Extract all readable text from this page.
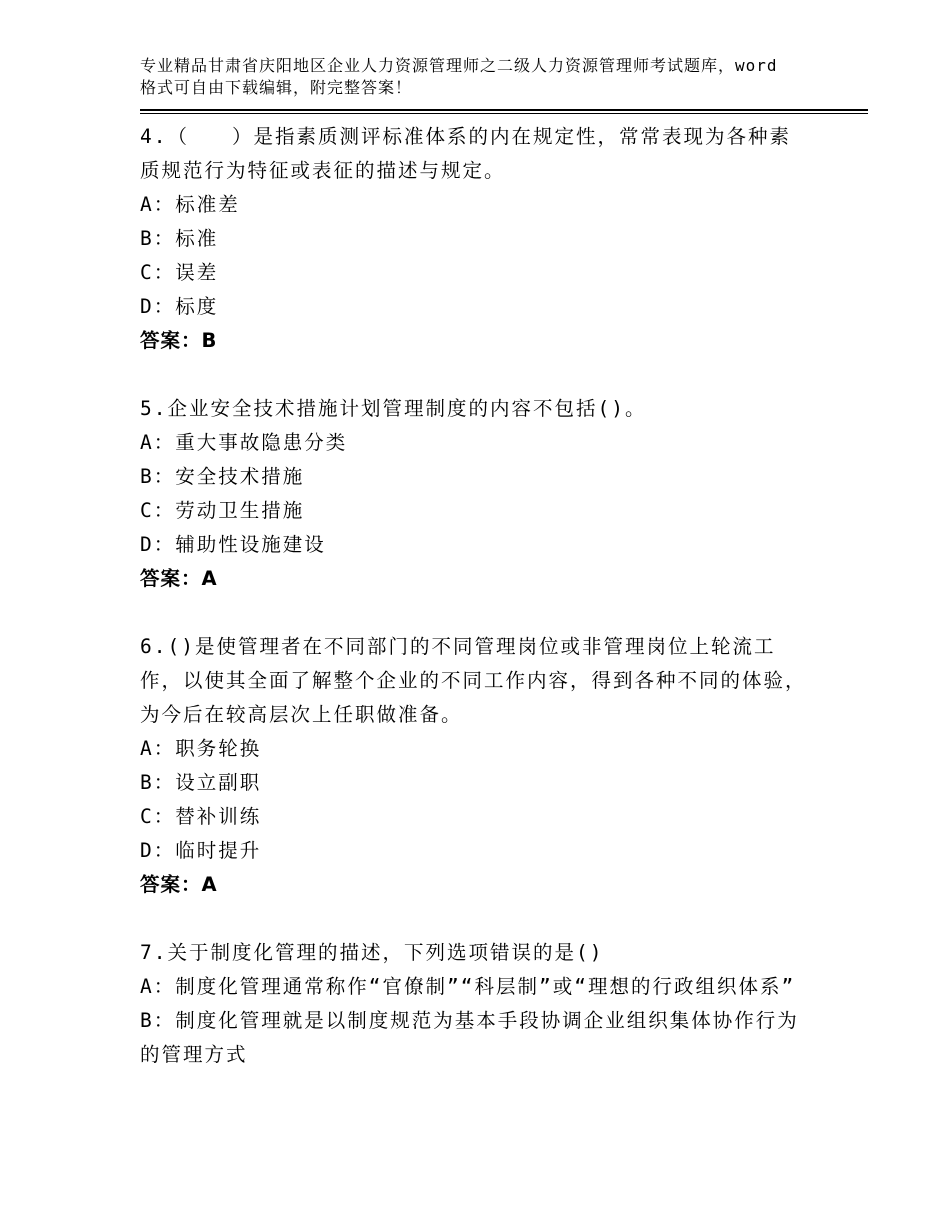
专业精品甘肃省庆阳地区企业人力资源管理师之二级人力资源管理师考试题库，word格式可自由下载编辑，附完整答案！
4.（　　）是指素质测评标准体系的内在规定性，常常表现为各种素质规范行为特征或表征的描述与规定。
A：标准差
B：标准
C：误差
D：标度
答案：B
5.企业安全技术措施计划管理制度的内容不包括()。
A：重大事故隐患分类
B：安全技术措施
C：劳动卫生措施
D：辅助性设施建设
答案：A
6.()是使管理者在不同部门的不同管理岗位或非管理岗位上轮流工作，以使其全面了解整个企业的不同工作内容，得到各种不同的体验，为今后在较高层次上任职做准备。
A：职务轮换
B：设立副职
C：替补训练
D：临时提升
答案：A
7.关于制度化管理的描述，下列选项错误的是()
A：制度化管理通常称作“官僚制”“科层制”或“理想的行政组织体系”
B：制度化管理就是以制度规范为基本手段协调企业组织集体协作行为的管理方式
